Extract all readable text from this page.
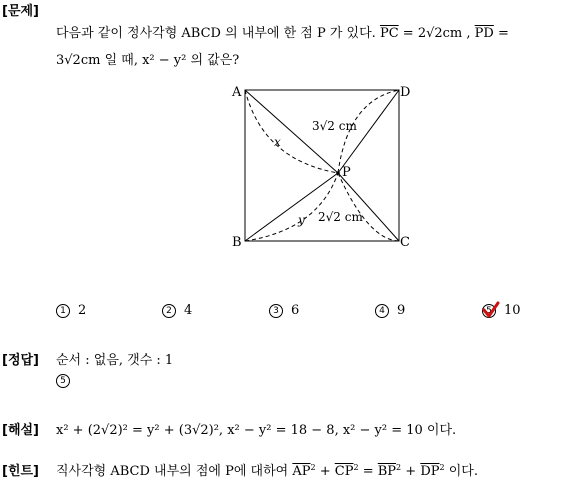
[문제]
다음과 같이 정사각형 ABCD 의 내부에 한 점 P 가 있다. $\overline{PC} = 2√2cm$ , $\overline{PD}$ =
3√2cm 일 때, x² − y² 의 값은?
A
B	C
D
P
x
y
3√2 cm
2√2 cm
1 2	2 4	3 6	4 9	5 10
[정답] 순서 : 없음, 갯수 : 1
5
[해설] x² + (2√2)² = y² + (3√2)², x² − y² = 18 − 8, x² − y² = 10 이다.
[힌트] 직사각형 ABCD 내부의 점에 P에 대하여 $\overline{AP}^2 + \overline{CP}^2 = \overline{BP}^2 + \overline{DP}^2$ 이다.
